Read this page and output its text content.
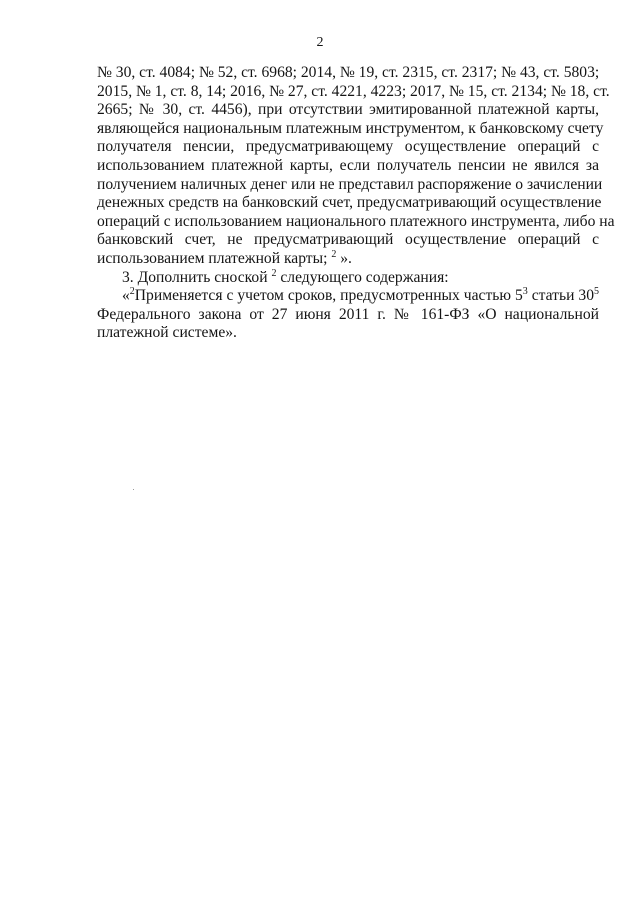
2
№ 30, ст. 4084; № 52, ст. 6968; 2014, № 19, ст. 2315, ст. 2317; № 43, ст. 5803;
2015, № 1, ст. 8, 14; 2016, № 27, ст. 4221, 4223; 2017, № 15, ст. 2134; № 18, ст.
2665; № 30, ст. 4456), при отсутствии эмитированной платежной карты,
являющейся национальным платежным инструментом, к банковскому счету
получателя пенсии, предусматривающему осуществление операций с
использованием платежной карты, если получатель пенсии не явился за
получением наличных денег или не представил распоряжение о зачислении
денежных средств на банковский счет, предусматривающий осуществление
операций с использованием национального платежного инструмента, либо на
банковский счет, не предусматривающий осуществление операций с
использованием платежной карты; $^2$ ».
3. Дополнить сноской $^2$ следующего содержания:
«$^2$Применяется с учетом сроков, предусмотренных частью $5^3$ статьи $30^5$
Федерального закона от 27 июня 2011 г. № 161-ФЗ «О национальной
платежной системе».
